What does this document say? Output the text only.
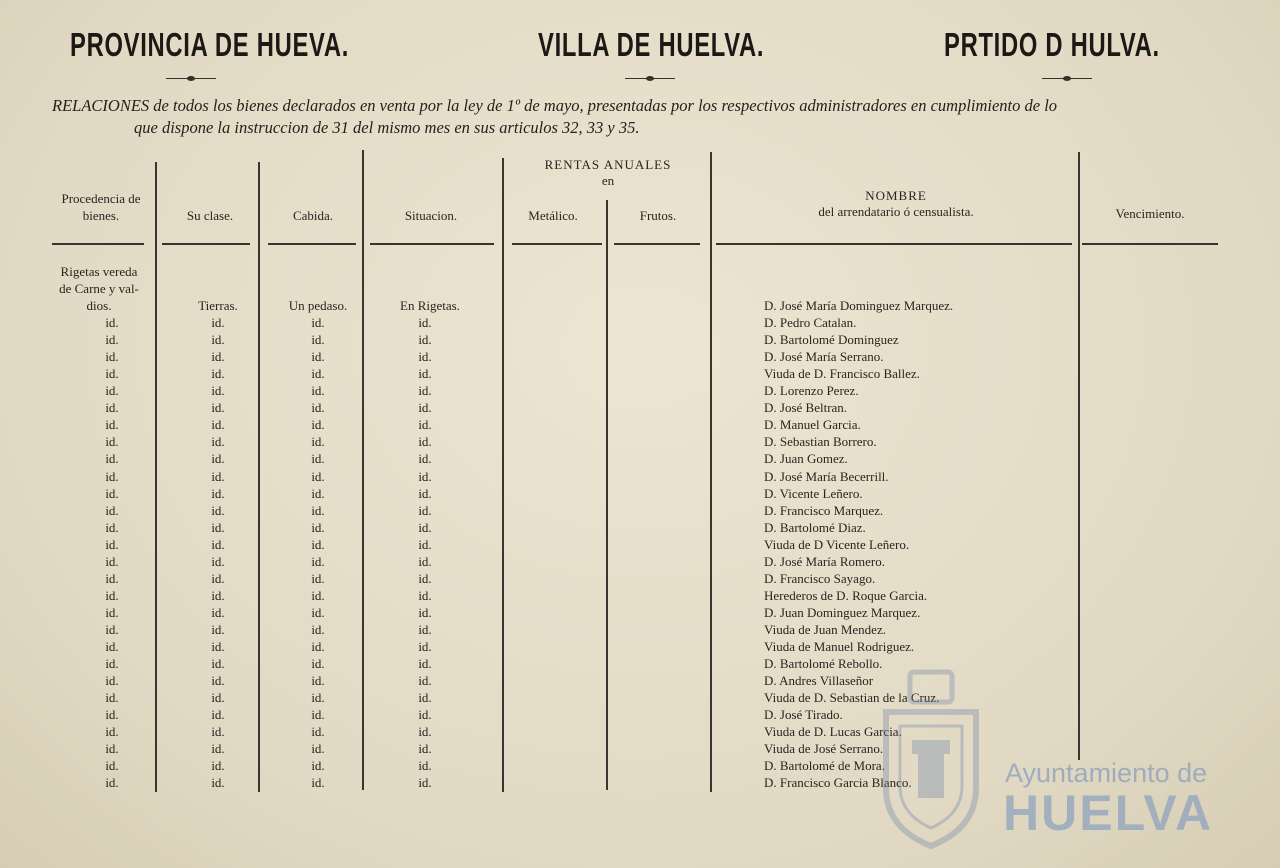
PROVINCIA DE HUEVA.	VILLA DE HUELVA.	PRTIDO D HULVA.
RELACIONES de todos los bienes declarados en venta por la ley de 1º de mayo, presentadas por los respectivos administradores en cumplimiento de lo
que dispone la instruccion de 31 del mismo mes en sus articulos 32, 33 y 35.
Procedencia de
bienes.	Su clase.	Cabida.	Situacion.
RENTAS ANUALES
en
Metálico.	Frutos.
NOMBRE
del arrendatario ó censualista.	Vencimiento.
Rigetas vereda
de Carne y val-
dios.	Tierras.	Un pedaso.	En Rigetas.	D. José María Dominguez Marquez.
id.	id.	id.	id.	D. Pedro Catalan.
id.	id.	id.	id.	D. Bartolomé Dominguez
id.	id.	id.	id.	D. José María Serrano.
id.	id.	id.	id.	Viuda de D. Francisco Ballez.
id.	id.	id.	id.	D. Lorenzo Perez.
id.	id.	id.	id.	D. José Beltran.
id.	id.	id.	id.	D. Manuel Garcia.
id.	id.	id.	id.	D. Sebastian Borrero.
id.	id.	id.	id.	D. Juan Gomez.
id.	id.	id.	id.	D. José María Becerrill.
id.	id.	id.	id.	D. Vicente Leñero.
id.	id.	id.	id.	D. Francisco Marquez.
id.	id.	id.	id.	D. Bartolomé Diaz.
id.	id.	id.	id.	Viuda de D Vicente Leñero.
id.	id.	id.	id.	D. José María Romero.
id.	id.	id.	id.	D. Francisco Sayago.
id.	id.	id.	id.	Herederos de D. Roque Garcia.
id.	id.	id.	id.	D. Juan Dominguez Marquez.
id.	id.	id.	id.	Viuda de Juan Mendez.
id.	id.	id.	id.	Viuda de Manuel Rodriguez.
id.	id.	id.	id.	D. Bartolomé Rebollo.
id.	id.	id.	id.	D. Andres Villaseñor
id.	id.	id.	id.	Viuda de D. Sebastian de la Cruz.
id.	id.	id.	id.	D. José Tirado.
id.	id.	id.	id.	Viuda de D. Lucas Garcia.
id.	id.	id.	id.	Viuda de José Serrano.
id.	id.	id.	id.	D. Bartolomé de Mora.
id.	id.	id.	id.	D. Francisco Garcia Blanco.	Ayuntamiento de
HUELVA
